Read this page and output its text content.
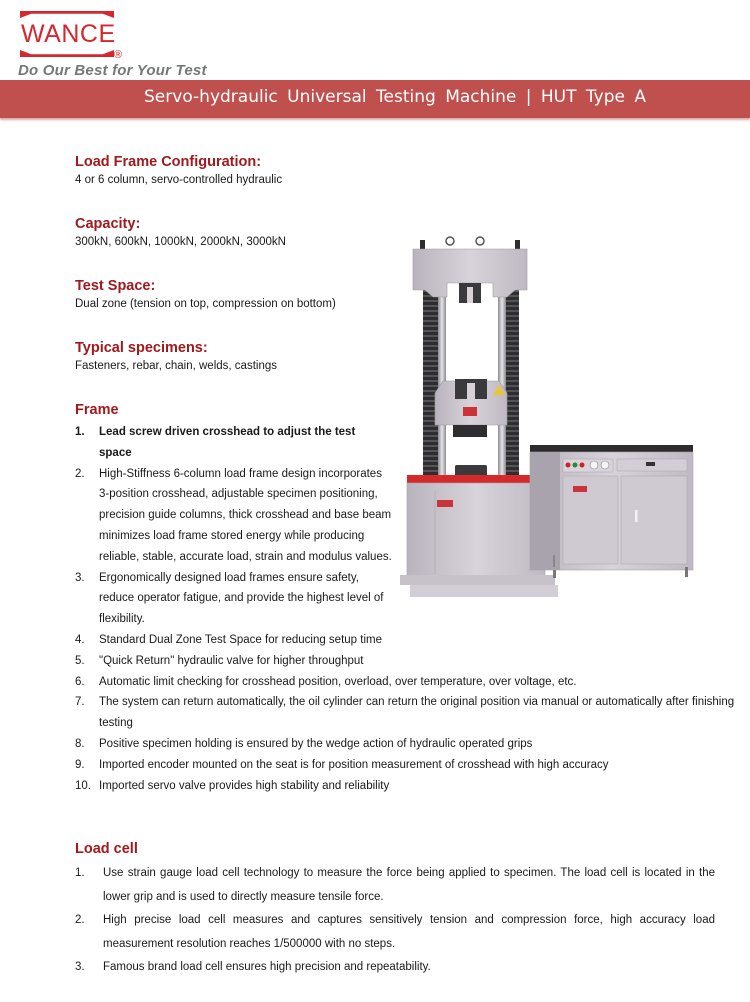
WANCE
®
Do Our Best for Your Test
Servo-hydraulic Universal Testing Machine | HUT Type A

Load Frame Configuration:

4 or 6 column, servo-controlled hydraulic

Capacity:

300kN, 600kN, 1000kN, 2000kN, 3000kN

Test Space:

Dual zone (tension on top, compression on bottom)

Typical specimens:

Fasteners, rebar, chain, welds, castings

Frame

1. Lead screw driven crosshead to adjust the test space
2. High-Stiffness 6-column load frame design incorporates 3-position crosshead, adjustable specimen positioning, precision guide columns, thick crosshead and base beam minimizes load frame stored energy while producing reliable, stable, accurate load, strain and modulus values.
3. Ergonomically designed load frames ensure safety, reduce operator fatigue, and provide the highest level of flexibility.
4. Standard Dual Zone Test Space for reducing setup time
5. "Quick Return" hydraulic valve for higher throughput
6. Automatic limit checking for crosshead position, overload, over temperature, over voltage, etc.
7. The system can return automatically, the oil cylinder can return the original position via manual or automatically after finishing testing
8. Positive specimen holding is ensured by the wedge action of hydraulic operated grips
9. Imported encoder mounted on the seat is for position measurement of crosshead with high accuracy
10. Imported servo valve provides high stability and reliability

Load cell

1. Use strain gauge load cell technology to measure the force being applied to specimen. The load cell is located in the lower grip and is used to directly measure tensile force.
2. High precise load cell measures and captures sensitively tension and compression force, high accuracy load measurement resolution reaches 1/500000 with no steps.
3. Famous brand load cell ensures high precision and repeatability.
